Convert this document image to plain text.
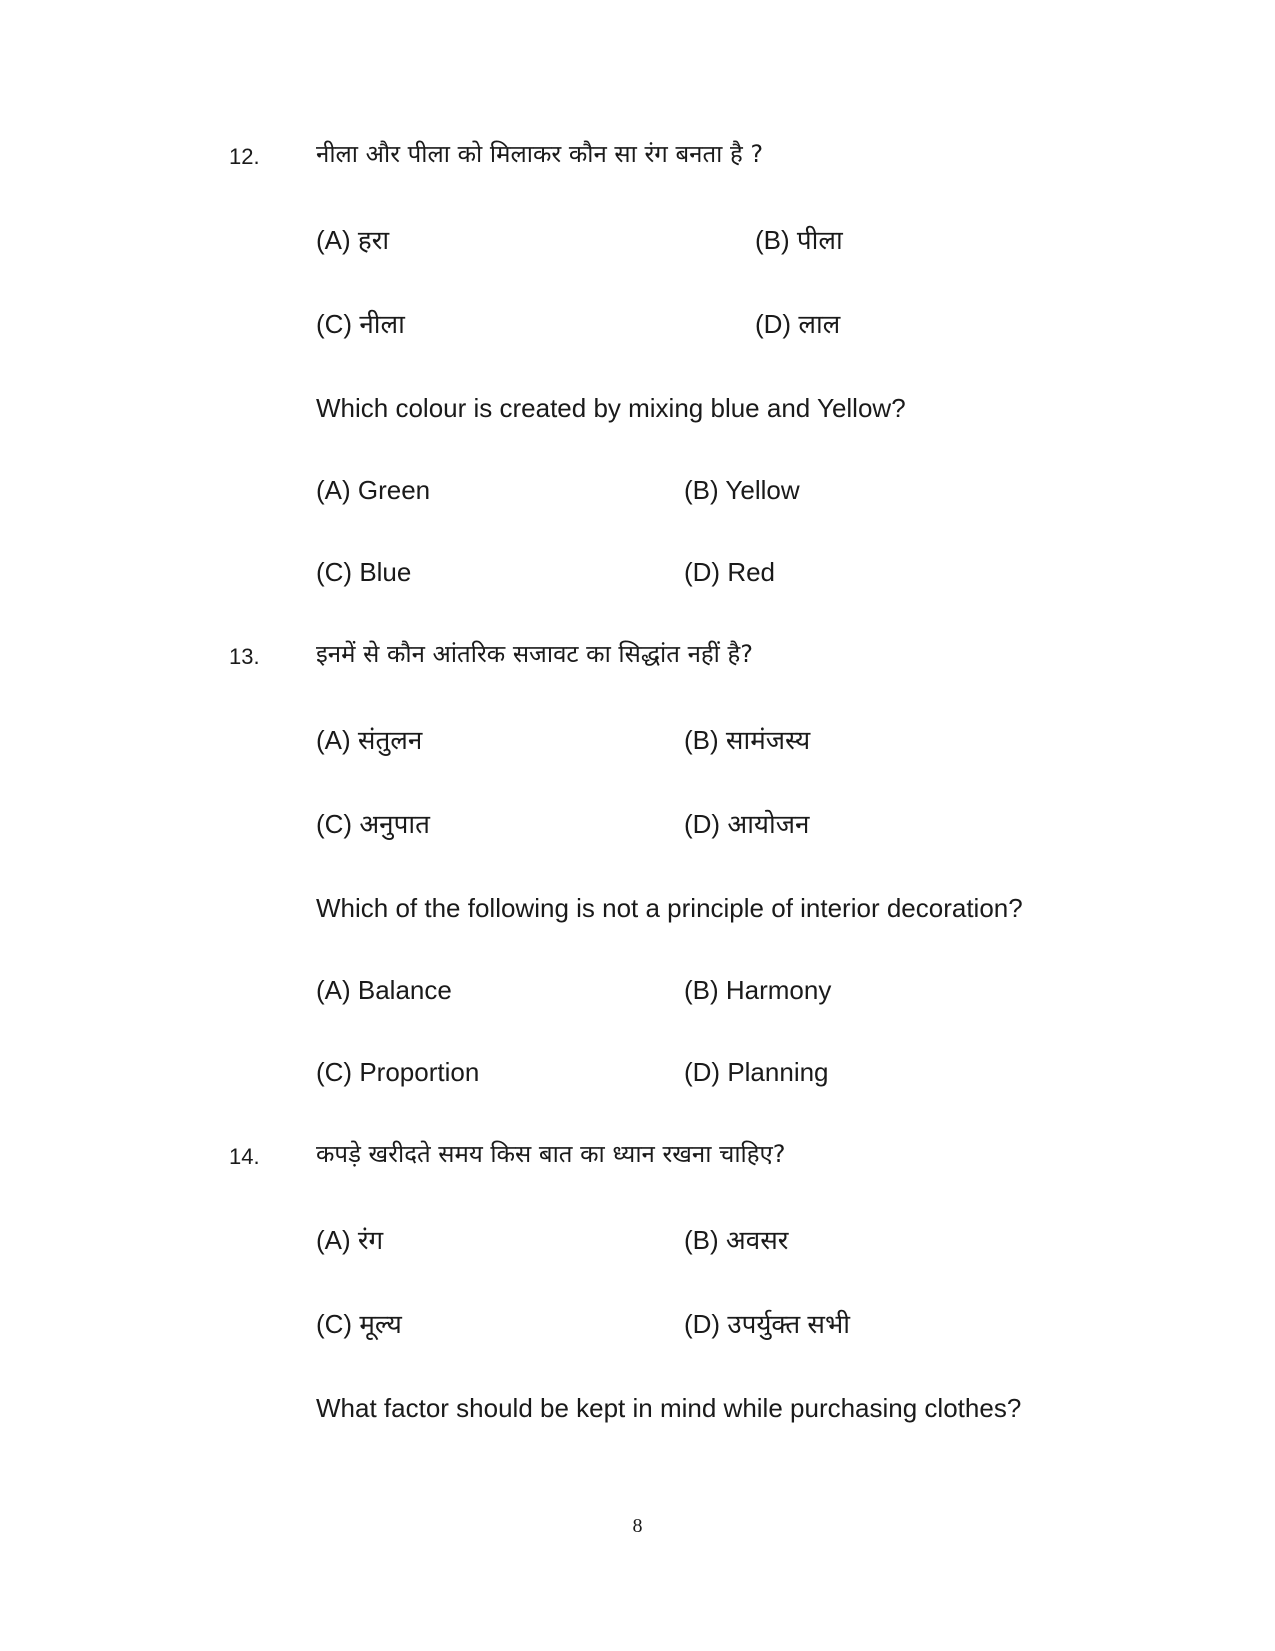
12. नीला और पीला को मिलाकर कौन सा रंग बनता है ?
(A) हरा	(B) पीला
(C) नीला	(D) लाल
Which colour is created by mixing blue and Yellow?
(A) Green	(B) Yellow
(C) Blue	(D) Red
13. इनमें से कौन आंतरिक सजावट का सिद्धांत नहीं है?
(A) संतुलन	(B) सामंजस्य
(C) अनुपात	(D) आयोजन
Which of the following is not a principle of interior decoration?
(A) Balance	(B) Harmony
(C) Proportion	(D) Planning
14. कपड़े खरीदते समय किस बात का ध्यान रखना चाहिए?
(A) रंग	(B) अवसर
(C) मूल्य	(D) उपर्युक्त सभी
What factor should be kept in mind while purchasing clothes?
8
